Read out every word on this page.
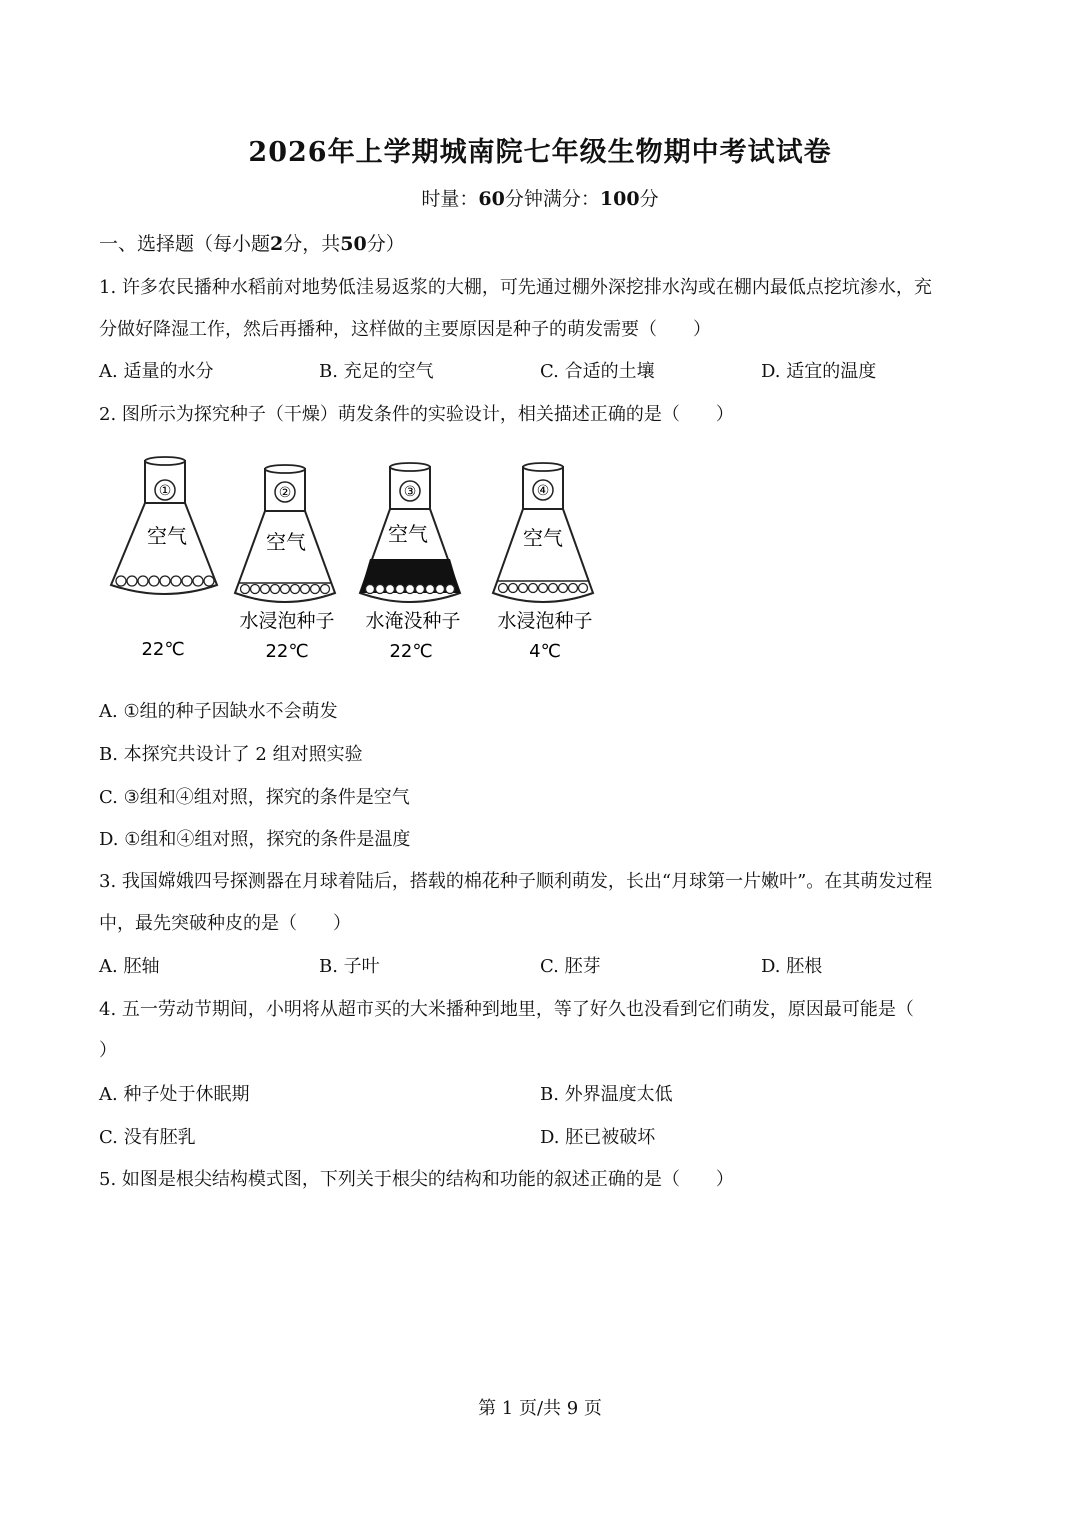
2026年上学期城南院七年级生物期中考试试卷
时量：60分钟满分：100分
一、选择题（每小题2分，共50分）
1. 许多农民播种水稻前对地势低洼易返浆的大棚，可先通过棚外深挖排水沟或在棚内最低点挖坑渗水，充
分做好降湿工作，然后再播种，这样做的主要原因是种子的萌发需要（　　）
A. 适量的水分	B. 充足的空气	C. 合适的土壤	D. 适宜的温度
2. 图所示为探究种子（干燥）萌发条件的实验设计，相关描述正确的是（　　）
①
空气
22℃
②
空气
水浸泡种子
22℃
③
空气
水淹没种子
22℃
④
空气
水浸泡种子
4℃
A. ①组的种子因缺水不会萌发
B. 本探究共设计了 2 组对照实验
C. ③组和④组对照，探究的条件是空气
D. ①组和④组对照，探究的条件是温度
3. 我国嫦娥四号探测器在月球着陆后，搭载的棉花种子顺利萌发，长出“月球第一片嫩叶”。在其萌发过程
中，最先突破种皮的是（　　）
A. 胚轴	B. 子叶	C. 胚芽	D. 胚根
4. 五一劳动节期间，小明将从超市买的大米播种到地里，等了好久也没看到它们萌发，原因最可能是（
）
A. 种子处于休眠期	B. 外界温度太低
C. 没有胚乳	D. 胚已被破坏
5. 如图是根尖结构模式图，下列关于根尖的结构和功能的叙述正确的是（　　）
第 1 页/共 9 页
